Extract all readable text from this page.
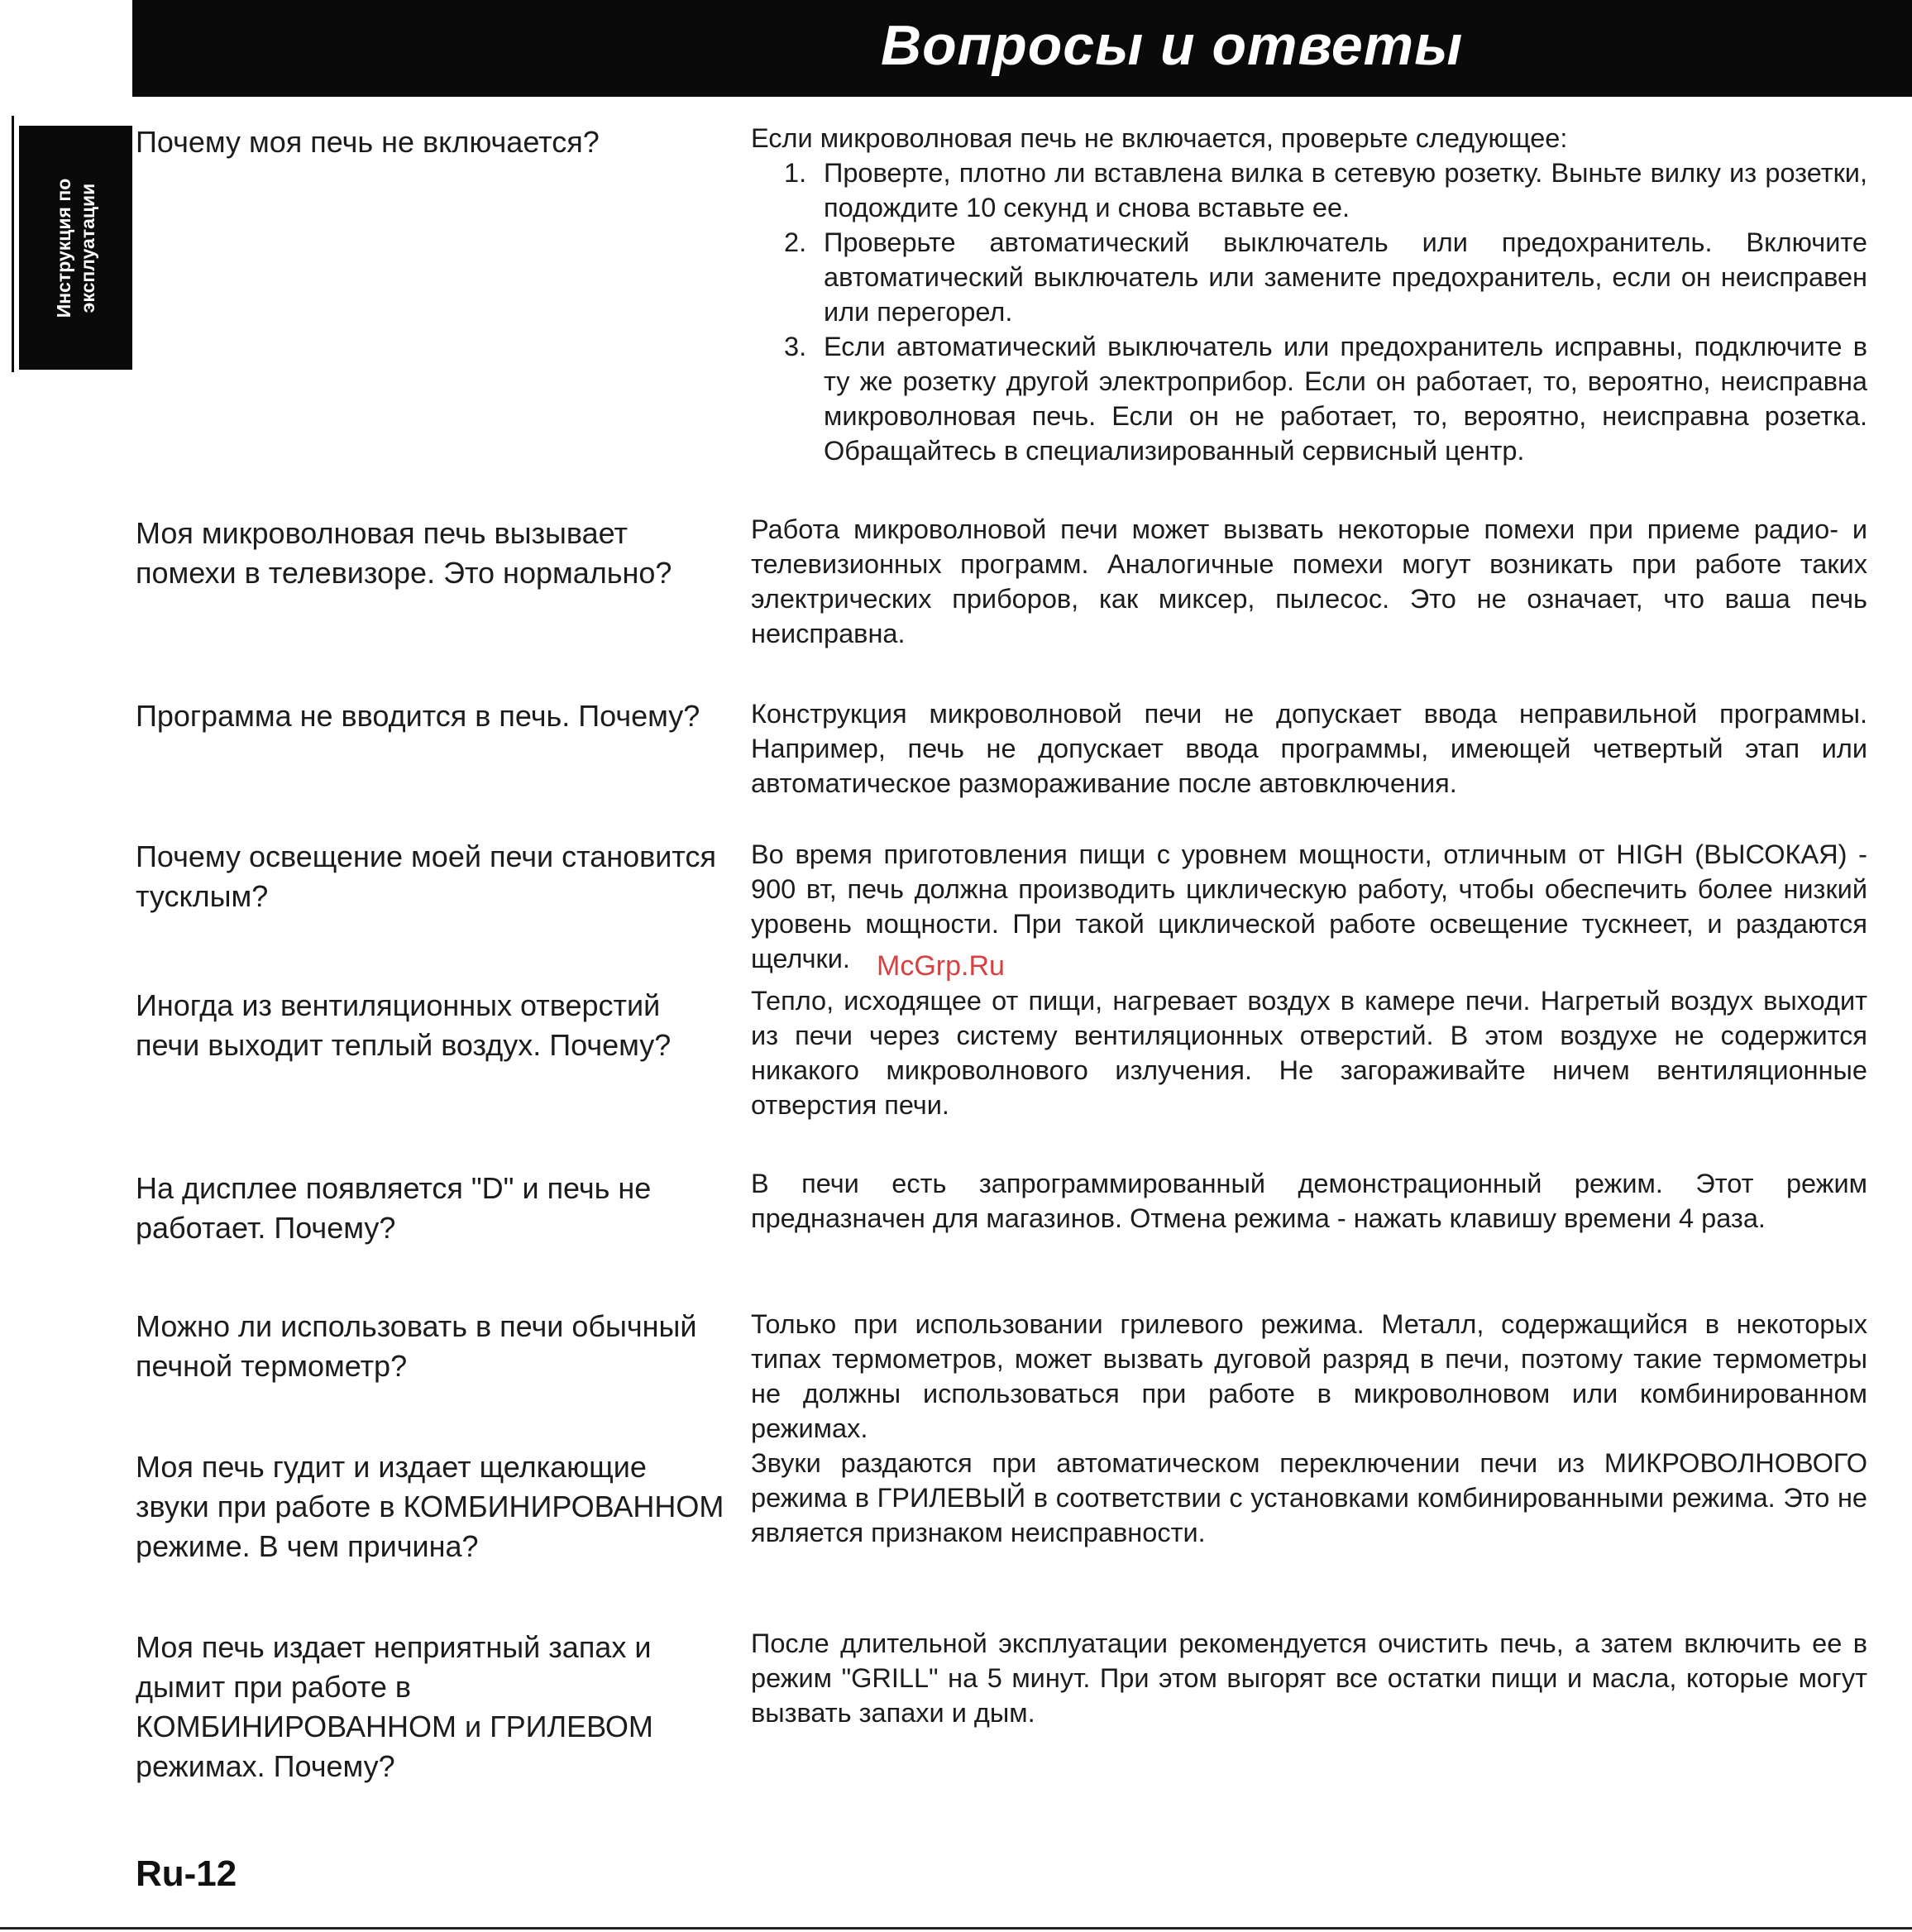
Вопросы и ответы
Инструкция по
эксплуатации

Почему моя печь не включается?	Если микроволновая печь не включается, проверьте следующее:

1. Проверте, плотно ли вставлена вилка в сетевую розетку. Выньте вилку из розетки, подождите 10 секунд и снова вставьте ее.
2. Проверьте автоматический выключатель или предохранитель. Включите автоматический выключатель или замените предохранитель, если он неисправен или перегорел.
3. Если автоматический выключатель или предохранитель исправны, подключите в ту же розетку другой электроприбор. Если он работает, то, вероятно, неисправна микроволновая печь. Если он не работает, то, вероятно, неисправна розетка. Обращайтесь в специализированный сервисный центр.

Моя микроволновая печь вызывает помехи в телевизоре. Это нормально?

Работа микроволновой печи может вызвать некоторые помехи при приеме радио- и телевизионных программ. Аналогичные помехи могут возникать при работе таких электрических приборов, как миксер, пылесос. Это не означает, что ваша печь неисправна.

Программа не вводится в печь. Почему?	Конструкция микроволновой печи не допускает ввода неправильной программы. Например, печь не допускает ввода программы, имеющей четвертый этап или автоматическое размораживание после автовключения.

Почему освещение моей печи становится тусклым?

Во время приготовления пищи с уровнем мощности, отличным от HIGH (ВЫСОКАЯ) - 900 вт, печь должна производить циклическую работу, чтобы обеспечить более низкий уровень мощности. При такой циклической работе освещение тускнеет, и раздаются щелчки.

Иногда из вентиляционных отверстий печи выходит теплый воздух. Почему?

Тепло, исходящее от пищи, нагревает воздух в камере печи. Нагретый воздух выходит из печи через систему вентиляционных отверстий. В этом воздухе не содержится никакого микроволнового излучения. Не загораживайте ничем вентиляционные отверстия печи.

На дисплее появляется "D" и печь не работает. Почему?

В печи есть запрограммированный демонстрационный режим. Этот режим предназначен для магазинов. Отмена режима - нажать клавишу времени 4 раза.

Можно ли использовать в печи обычный печной термометр?

Только при использовании грилевого режима. Металл, содержащийся в некоторых типах термометров, может вызвать дуговой разряд в печи, поэтому такие термометры не должны использоваться при работе в микроволновом или комбинированном режимах.

Моя печь гудит и издает щелкающие звуки при работе в КОМБИНИРОВАННОМ режиме. В чем причина?

Звуки раздаются при автоматическом переключении печи из МИКРОВОЛНОВОГО режима в ГРИЛЕВЫЙ в соответствии с установками комбинированными режима. Это не является признаком неисправности.

Моя печь издает неприятный запах и дымит при работе в КОМБИНИРОВАННОМ и ГРИЛЕВОМ режимах. Почему?

После длительной эксплуатации рекомендуется очистить печь, а затем включить ее в режим "GRILL" на 5 минут. При этом выгорят все остатки пищи и масла, которые могут вызвать запахи и дым.

McGrp.Ru

Ru-12
